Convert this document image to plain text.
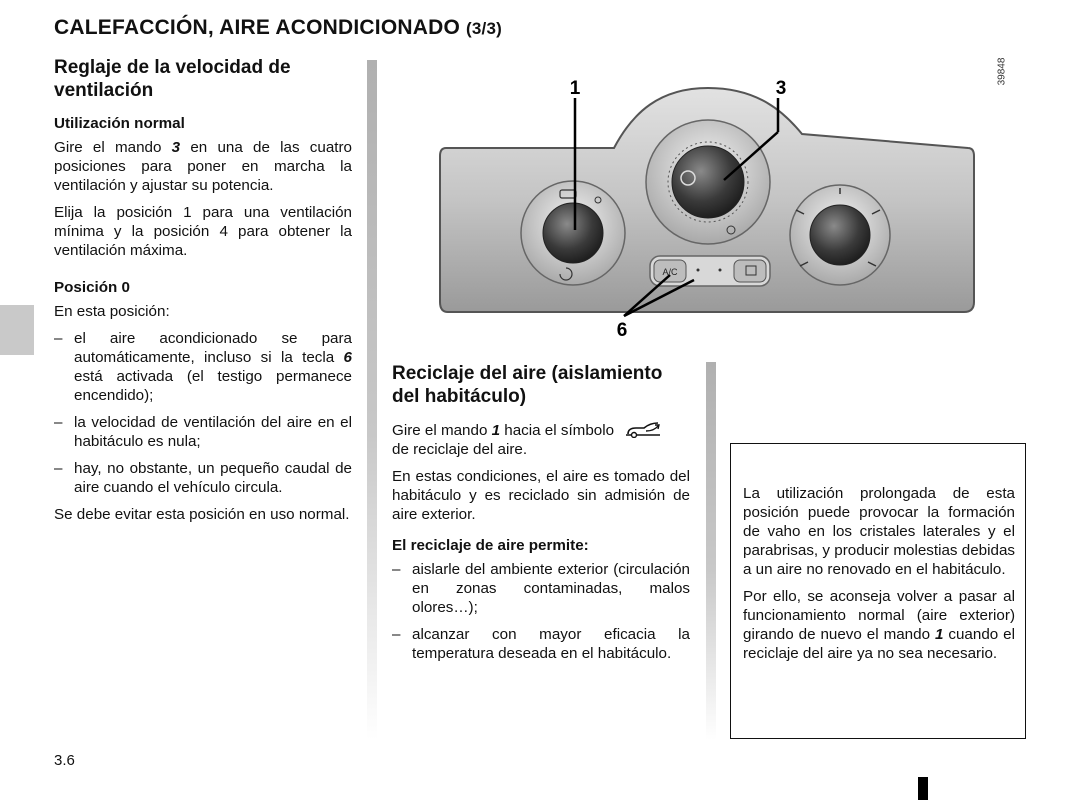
CALEFACCIÓN, AIRE ACONDICIONADO (3/3)
Reglaje de la velocidad de ventilación
Utilización normal

Gire el mando 3 en una de las cuatro posiciones para poner en marcha la ventilación y ajustar su potencia.

Elija la posición 1 para una ventilación mínima y la posición 4 para obtener la ventilación máxima.

Posición 0

En esta posición:

– el aire acondicionado se para automáticamente, incluso si la tecla 6 está activada (el testigo permanece encendido);
– la velocidad de ventilación del aire en el habitáculo es nula;
– hay, no obstante, un pequeño caudal de aire cuando el vehículo circula.

Se debe evitar esta posición en uso normal.

A/C
1	3
6
39848
Reciclaje del aire (aislamiento del habitáculo)

Gire el mando 1 hacia el símbolo

de reciclaje del aire.

En estas condiciones, el aire es tomado del habitáculo y es reciclado sin admisión de aire exterior.

El reciclaje de aire permite:
– aislarle del ambiente exterior (circulación en zonas contaminadas, malos olores…);
– alcanzar con mayor eficacia la temperatura deseada en el habitáculo.

La utilización prolongada de esta posición puede provocar la formación de vaho en los cristales laterales y el parabrisas, y producir molestias debidas a un aire no renovado en el habitáculo.

Por ello, se aconseja volver a pasar al funcionamiento normal (aire exterior) girando de nuevo el mando 1 cuando el reciclaje del aire ya no sea necesario.

3.6
